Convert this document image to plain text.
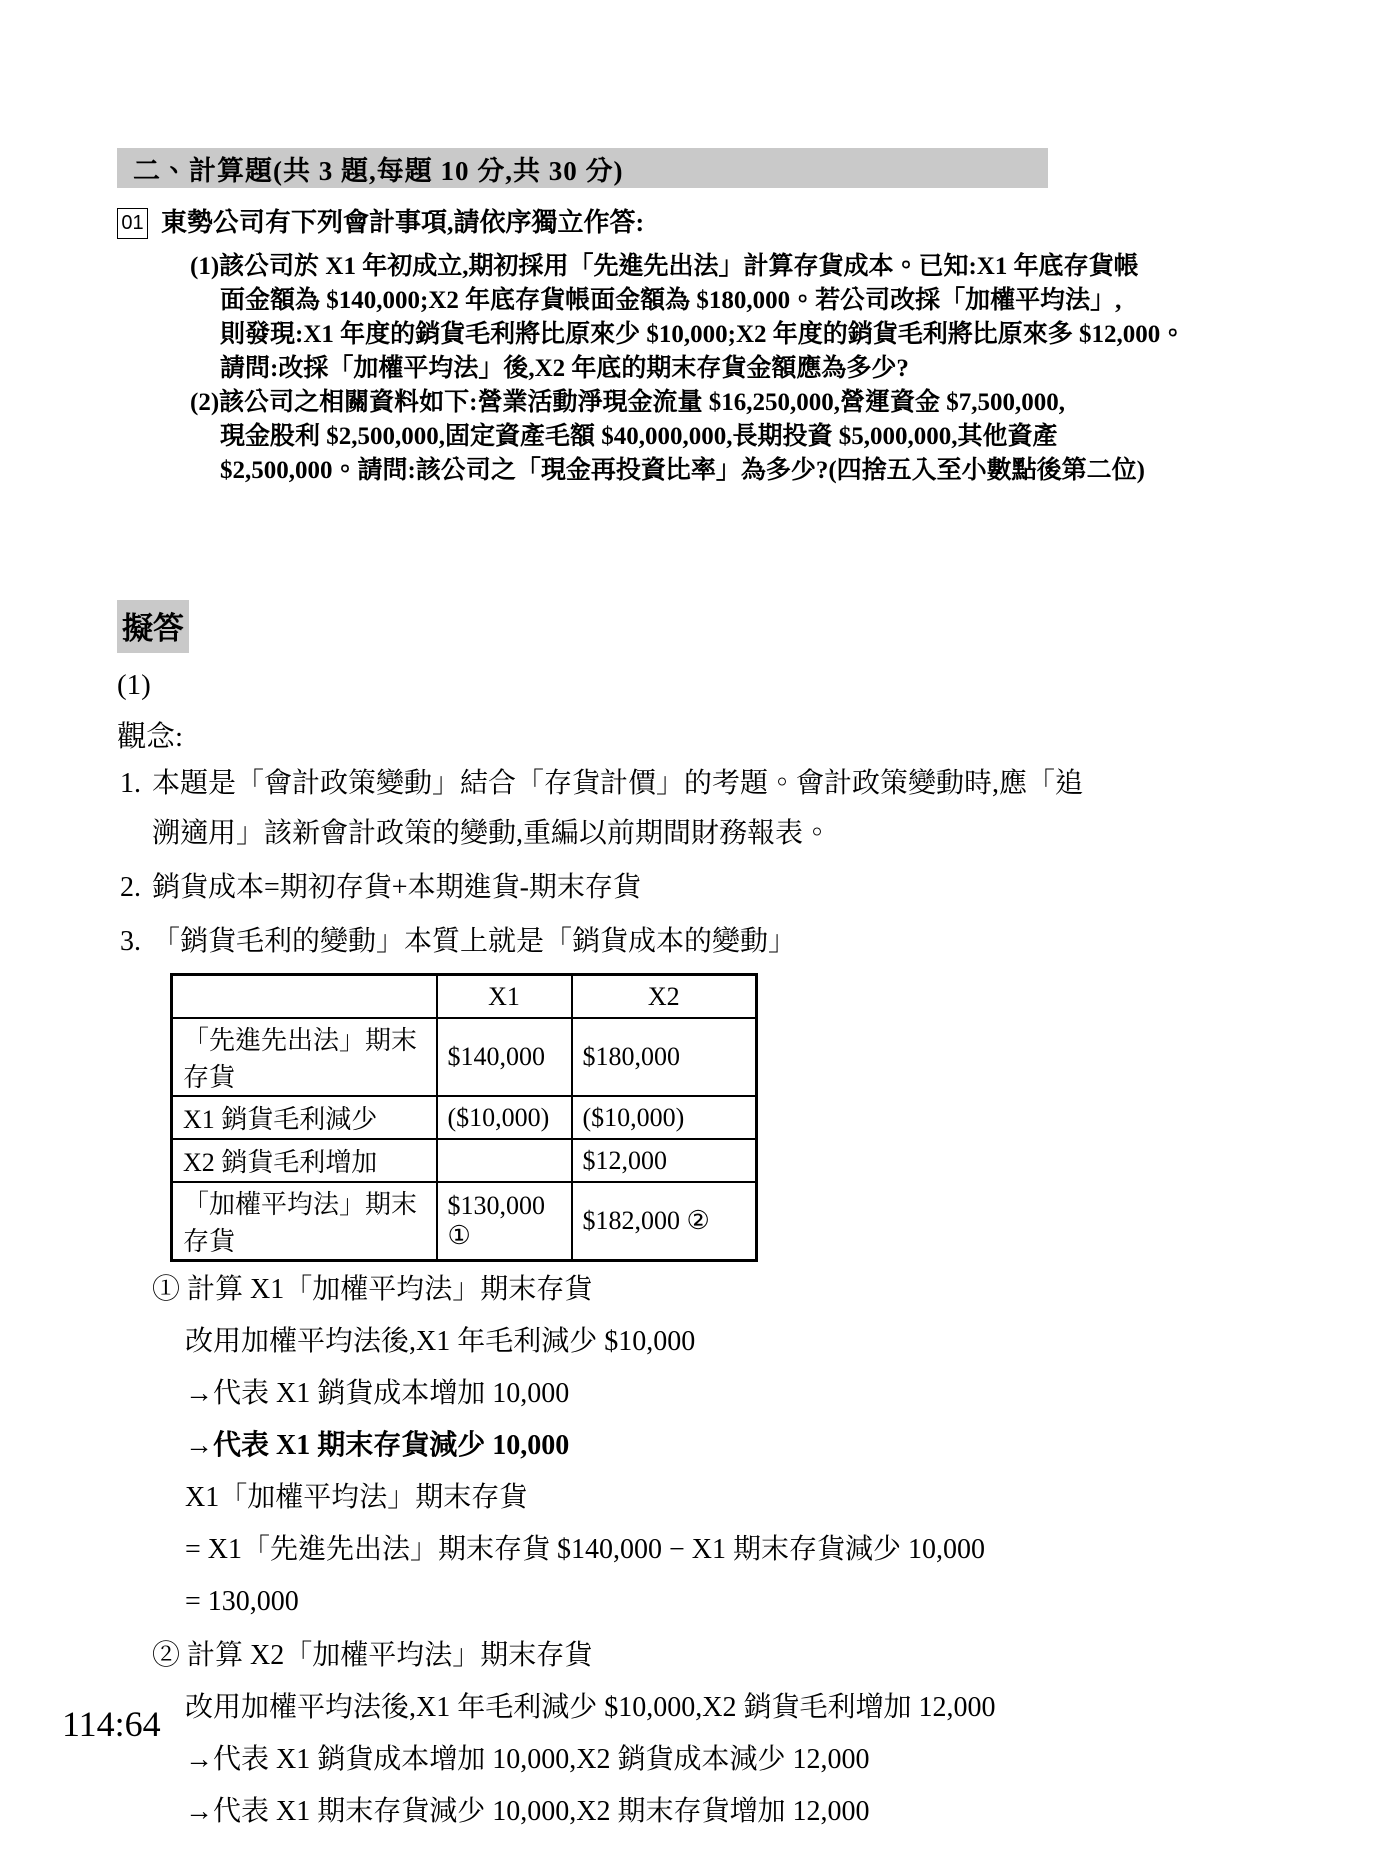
二、計算題(共 3 題,每題 10 分,共 30 分)
01 東勢公司有下列會計事項,請依序獨立作答:
(1)該公司於 X1 年初成立,期初採用「先進先出法」計算存貨成本。已知:X1 年底存貨帳
面金額為 $140,000;X2 年底存貨帳面金額為 $180,000。若公司改採「加權平均法」,
則發現:X1 年度的銷貨毛利將比原來少 $10,000;X2 年度的銷貨毛利將比原來多 $12,000。
請問:改採「加權平均法」後,X2 年底的期末存貨金額應為多少?
(2)該公司之相關資料如下:營業活動淨現金流量 $16,250,000,營運資金 $7,500,000,
現金股利 $2,500,000,固定資產毛額 $40,000,000,長期投資 $5,000,000,其他資產
$2,500,000。請問:該公司之「現金再投資比率」為多少?(四捨五入至小數點後第二位)
擬答
(1)
觀念:
1. 本題是「會計政策變動」結合「存貨計價」的考題。會計政策變動時,應「追
溯適用」該新會計政策的變動,重編以前期間財務報表。
2. 銷貨成本=期初存貨+本期進貨-期末存貨
3. 「銷貨毛利的變動」本質上就是「銷貨成本的變動」
	X1	X2
「先進先出法」期末存貨	$140,000	$180,000
X1 銷貨毛利減少	($10,000)	($10,000)
X2 銷貨毛利增加		$12,000
「加權平均法」期末存貨	$130,000 ①	$182,000 ②
① 計算 X1「加權平均法」期末存貨
改用加權平均法後,X1 年毛利減少 $10,000
→代表 X1 銷貨成本增加 10,000
→代表 X1 期末存貨減少 10,000
X1「加權平均法」期末存貨
= X1「先進先出法」期末存貨 $140,000 − X1 期末存貨減少 10,000
= 130,000
② 計算 X2「加權平均法」期末存貨
改用加權平均法後,X1 年毛利減少 $10,000,X2 銷貨毛利增加 12,000
→代表 X1 銷貨成本增加 10,000,X2 銷貨成本減少 12,000
→代表 X1 期末存貨減少 10,000,X2 期末存貨增加 12,000
114:64
